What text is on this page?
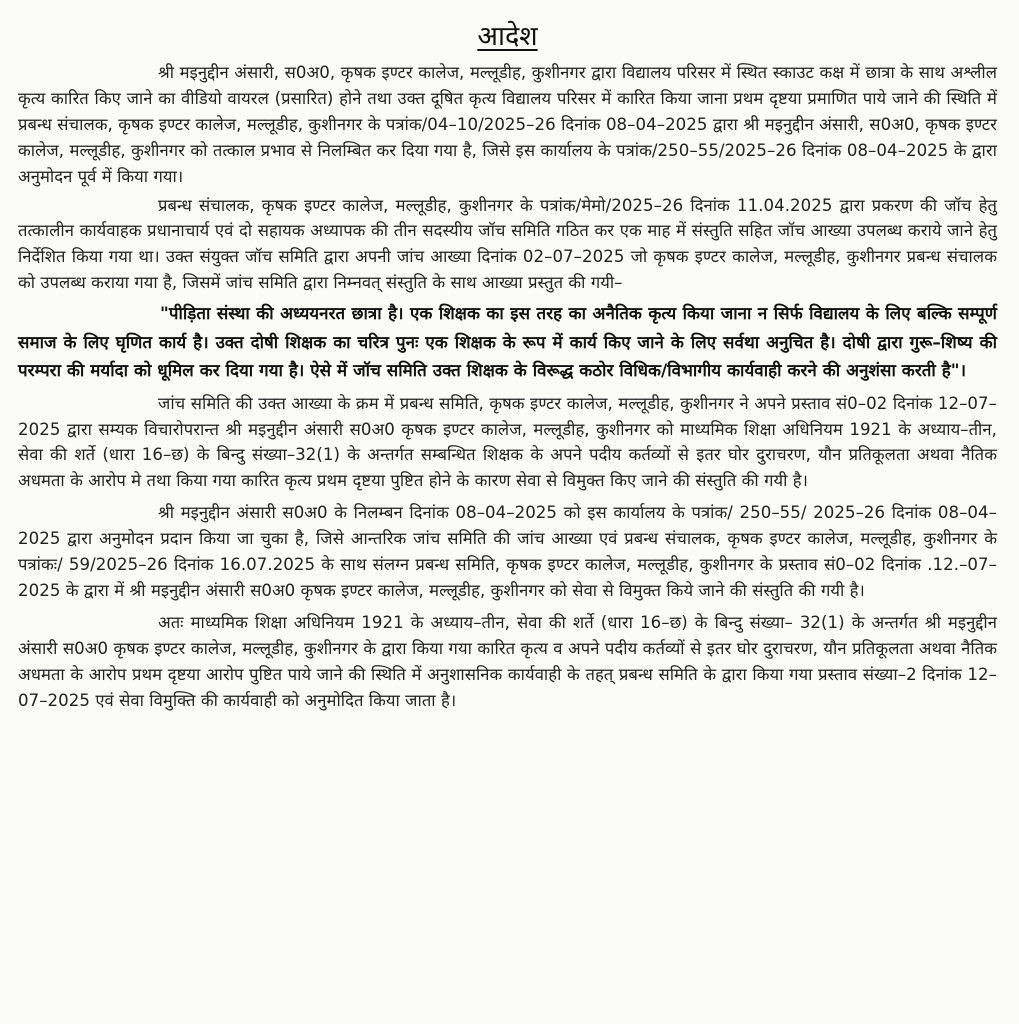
आदेश

श्री मइनुद्दीन अंसारी, स0अ0, कृषक इण्टर कालेज, मल्लूडीह, कुशीनगर द्वारा विद्यालय परिसर में स्थित स्काउट कक्ष में छात्रा के साथ अश्लील कृत्य कारित किए जाने का वीडियो वायरल (प्रसारित) होने तथा उक्त दूषित कृत्य विद्यालय परिसर में कारित किया जाना प्रथम दृष्टया प्रमाणित पाये जाने की स्थिति में प्रबन्ध संचालक, कृषक इण्टर कालेज, मल्लूडीह, कुशीनगर के पत्रांक/04–10/2025–26 दिनांक 08–04–2025 द्वारा श्री मइनुद्दीन अंसारी, स0अ0, कृषक इण्टर कालेज, मल्लूडीह, कुशीनगर को तत्काल प्रभाव से निलम्बित कर दिया गया है, जिसे इस कार्यालय के पत्रांक/250–55/2025–26 दिनांक 08–04–2025 के द्वारा अनुमोदन पूर्व में किया गया।

प्रबन्ध संचालक, कृषक इण्टर कालेज, मल्लूडीह, कुशीनगर के पत्रांक/मेमो/2025–26 दिनांक 11.04.2025 द्वारा प्रकरण की जॉच हेतु तत्कालीन कार्यवाहक प्रधानाचार्य एवं दो सहायक अध्यापक की तीन सदस्यीय जॉच समिति गठित कर एक माह में संस्तुति सहित जॉच आख्या उपलब्ध कराये जाने हेतु निर्देशित किया गया था। उक्त संयुक्त जॉच समिति द्वारा अपनी जांच आख्या दिनांक 02–07–2025 जो कृषक इण्टर कालेज, मल्लूडीह, कुशीनगर प्रबन्ध संचालक को उपलब्ध कराया गया है, जिसमें जांच समिति द्वारा निम्नवत् संस्तुति के साथ आख्या प्रस्तुत की गयी–

"पीड़िता संस्था की अध्ययनरत छात्रा है। एक शिक्षक का इस तरह का अनैतिक कृत्य किया जाना न सिर्फ विद्यालय के लिए बल्कि सम्पूर्ण समाज के लिए घृणित कार्य है। उक्त दोषी शिक्षक का चरित्र पुनः एक शिक्षक के रूप में कार्य किए जाने के लिए सर्वथा अनुचित है। दोषी द्वारा गुरू–शिष्य की परम्परा की मर्यादा को धूमिल कर दिया गया है। ऐसे में जॉच समिति उक्त शिक्षक के विरूद्ध कठोर विधिक/विभागीय कार्यवाही करने की अनुशंसा करती है"।

जांच समिति की उक्त आख्या के क्रम में प्रबन्ध समिति, कृषक इण्टर कालेज, मल्लूडीह, कुशीनगर ने अपने प्रस्ताव सं0–02 दिनांक 12–07–2025 द्वारा सम्यक विचारोपरान्त श्री मइनुद्दीन अंसारी स0अ0 कृषक इण्टर कालेज, मल्लूडीह, कुशीनगर को माध्यमिक शिक्षा अधिनियम 1921 के अध्याय–तीन, सेवा की शर्ते (धारा 16–छ) के बिन्दु संख्या–32(1) के अन्तर्गत सम्बन्धित शिक्षक के अपने पदीय कर्तव्यों से इतर घोर दुराचरण, यौन प्रतिकूलता अथवा नैतिक अधमता के आरोप मे तथा किया गया कारित कृत्य प्रथम दृष्टया पुष्टित होने के कारण सेवा से विमुक्त किए जाने की संस्तुति की गयी है।

श्री मइनुद्दीन अंसारी स0अ0 के निलम्बन दिनांक 08–04–2025 को इस कार्यालय के पत्रांक/ 250–55/ 2025–26 दिनांक 08–04–2025 द्वारा अनुमोदन प्रदान किया जा चुका है, जिसे आन्तरिक जांच समिति की जांच आख्या एवं प्रबन्ध संचालक, कृषक इण्टर कालेज, मल्लूडीह, कुशीनगर के पत्रांकः/ 59/2025–26 दिनांक 16.07.2025 के साथ संलग्न प्रबन्ध समिति, कृषक इण्टर कालेज, मल्लूडीह, कुशीनगर के प्रस्ताव सं0–02 दिनांक .12.–07–2025 के द्वारा में श्री मइनुद्दीन अंसारी स0अ0 कृषक इण्टर कालेज, मल्लूडीह, कुशीनगर को सेवा से विमुक्त किये जाने की संस्तुति की गयी है।

अतः माध्यमिक शिक्षा अधिनियम 1921 के अध्याय–तीन, सेवा की शर्ते (धारा 16–छ) के बिन्दु संख्या– 32(1) के अन्तर्गत श्री मइनुद्दीन अंसारी स0अ0 कृषक इण्टर कालेज, मल्लूडीह, कुशीनगर के द्वारा किया गया कारित कृत्य व अपने पदीय कर्तव्यों से इतर घोर दुराचरण, यौन प्रतिकूलता अथवा नैतिक अधमता के आरोप प्रथम दृष्टया आरोप पुष्टित पाये जाने की स्थिति में अनुशासनिक कार्यवाही के तहत् प्रबन्ध समिति के द्वारा किया गया प्रस्ताव संख्या–2 दिनांक 12–07–2025 एवं सेवा विमुक्ति की कार्यवाही को अनुमोदित किया जाता है।
